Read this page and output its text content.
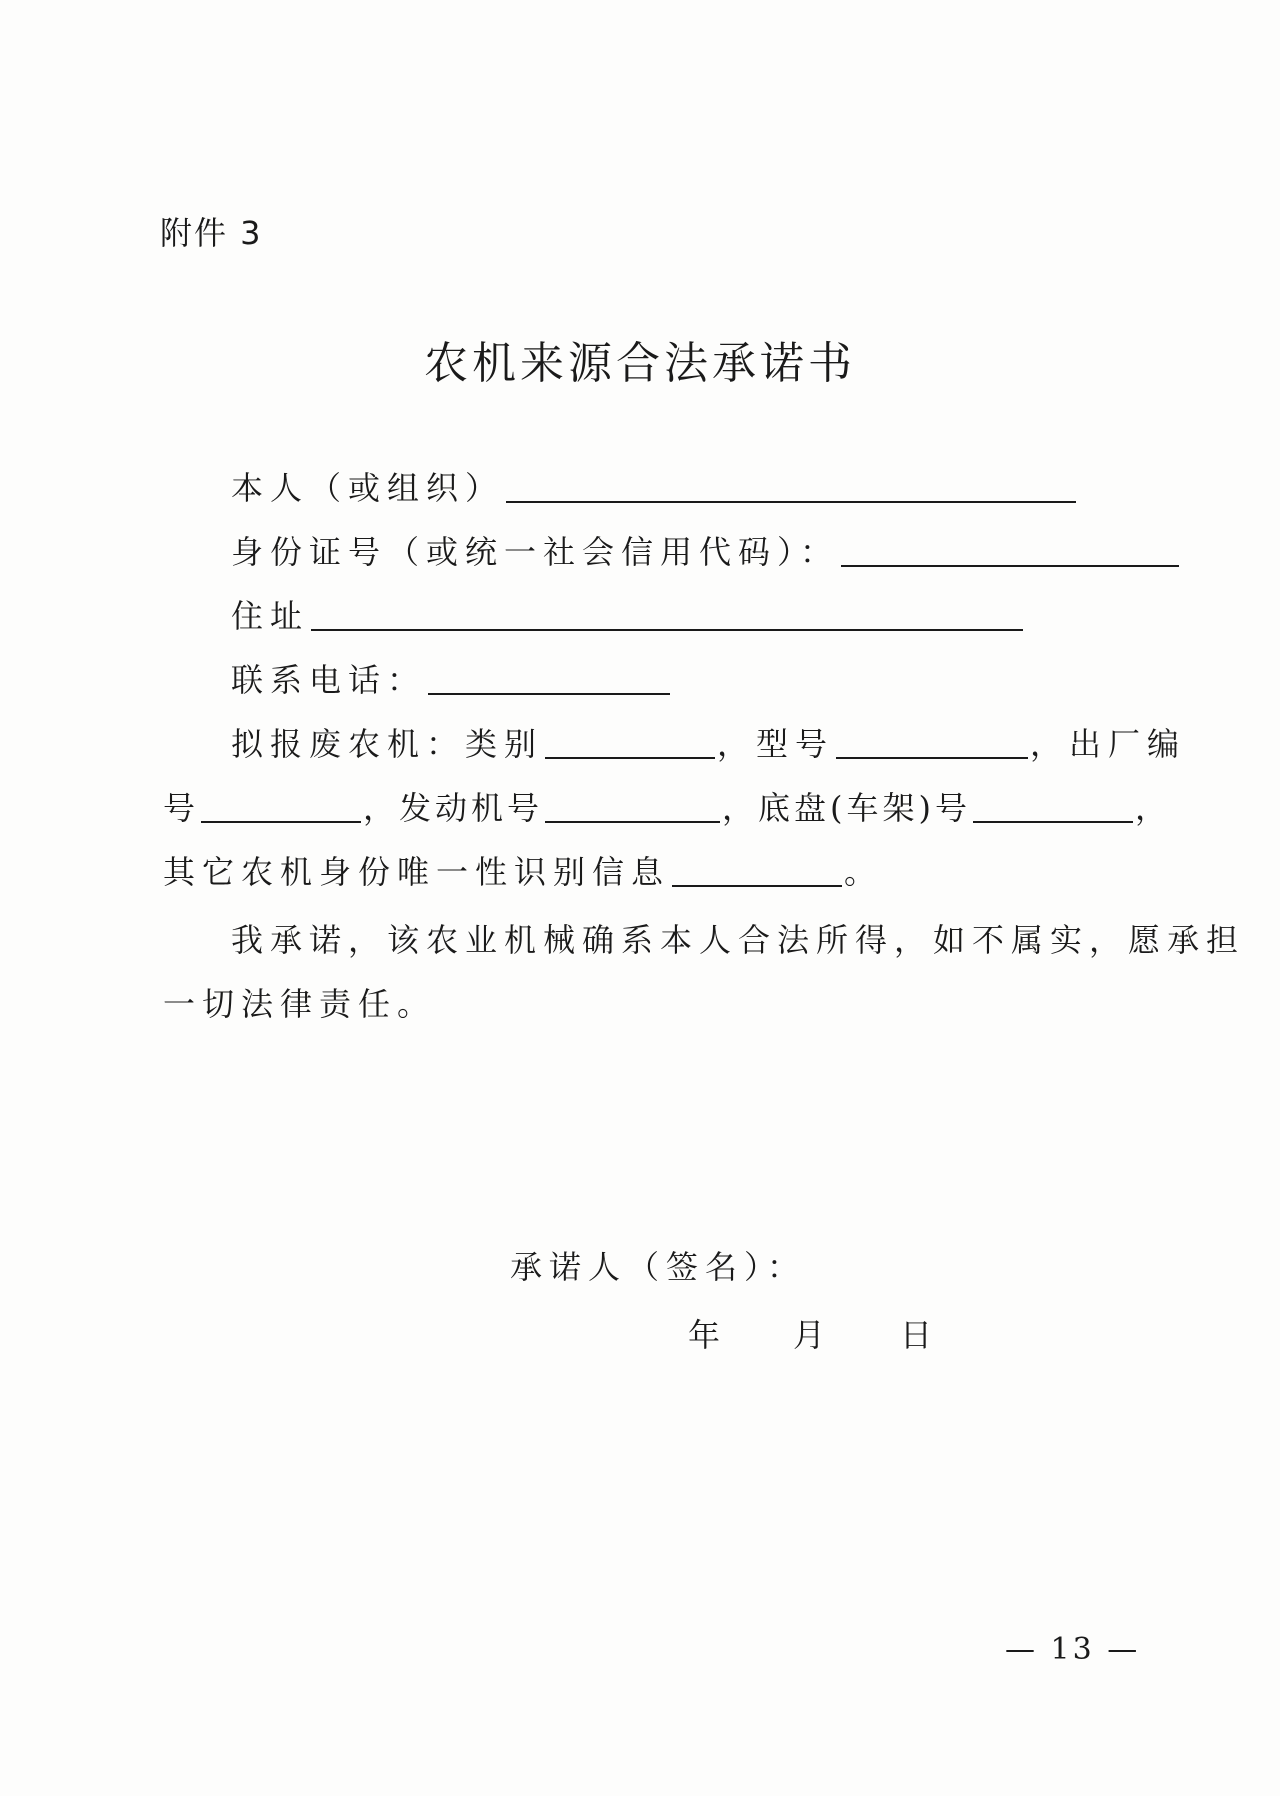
附件 3
农机来源合法承诺书
本人（或组织）
身份证号（或统一社会信用代码）：
住址
联系电话：
拟报废农机：类别	，型号	，出厂编
号	，发动机号	，底盘(车架)号	，
其它农机身份唯一性识别信息	。
我承诺，该农业机械确系本人合法所得，如不属实，愿承担
一切法律责任。
承诺人（签名）：
年 月 日
— 13 —
